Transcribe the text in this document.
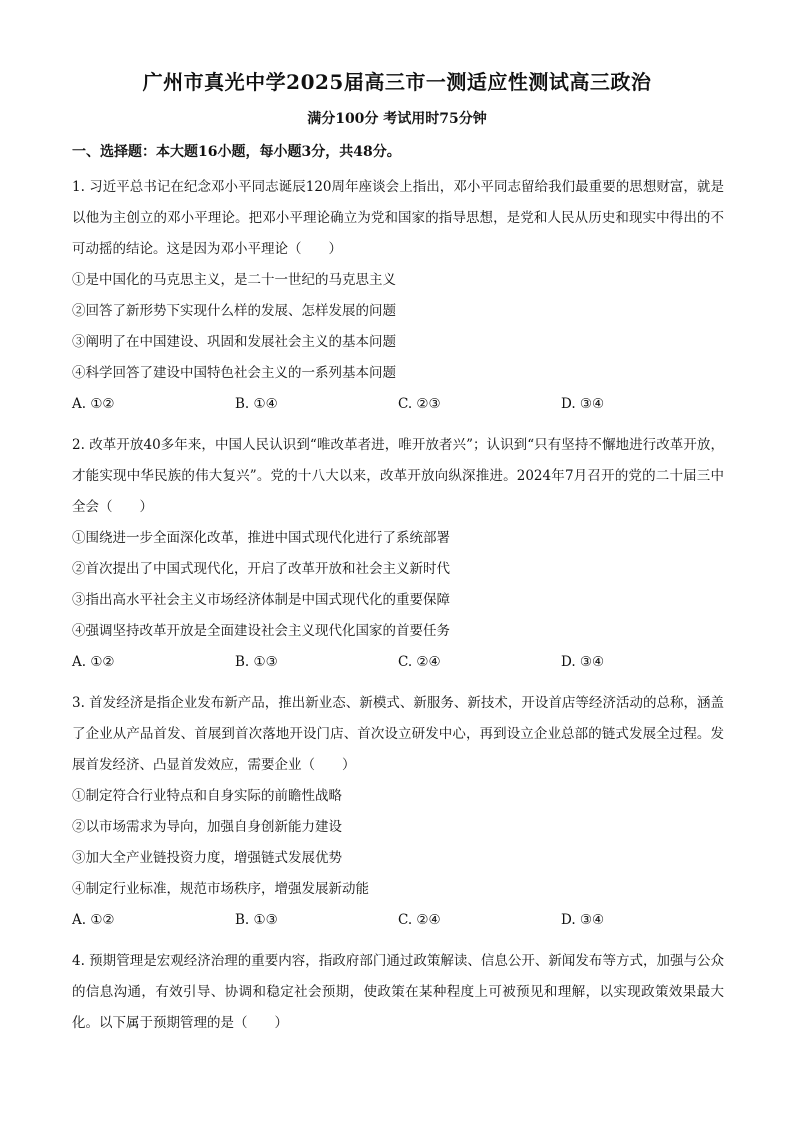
广州市真光中学2025届高三市一测适应性测试高三政治
满分100分 考试用时75分钟
一、选择题：本大题16小题，每小题3分，共48分。

1. 习近平总书记在纪念邓小平同志诞辰120周年座谈会上指出，邓小平同志留给我们最重要的思想财富，就是以他为主创立的邓小平理论。把邓小平理论确立为党和国家的指导思想，是党和人民从历史和现实中得出的不可动摇的结论。这是因为邓小平理论（　　）

①是中国化的马克思主义，是二十一世纪的马克思主义

②回答了新形势下实现什么样的发展、怎样发展的问题

③阐明了在中国建设、巩固和发展社会主义的基本问题

④科学回答了建设中国特色社会主义的一系列基本问题

A. ①②	B. ①④	C. ②③	D. ③④

2. 改革开放40多年来，中国人民认识到“唯改革者进，唯开放者兴”；认识到“只有坚持不懈地进行改革开放，才能实现中华民族的伟大复兴”。党的十八大以来，改革开放向纵深推进。2024年7月召开的党的二十届三中全会（　　）

①围绕进一步全面深化改革，推进中国式现代化进行了系统部署

②首次提出了中国式现代化，开启了改革开放和社会主义新时代

③指出高水平社会主义市场经济体制是中国式现代化的重要保障

④强调坚持改革开放是全面建设社会主义现代化国家的首要任务

A. ①②	B. ①③	C. ②④	D. ③④

3. 首发经济是指企业发布新产品，推出新业态、新模式、新服务、新技术，开设首店等经济活动的总称，涵盖了企业从产品首发、首展到首次落地开设门店、首次设立研发中心，再到设立企业总部的链式发展全过程。发展首发经济、凸显首发效应，需要企业（　　）

①制定符合行业特点和自身实际的前瞻性战略

②以市场需求为导向，加强自身创新能力建设

③加大全产业链投资力度，增强链式发展优势

④制定行业标准，规范市场秩序，增强发展新动能

A. ①②	B. ①③	C. ②④	D. ③④

4. 预期管理是宏观经济治理的重要内容，指政府部门通过政策解读、信息公开、新闻发布等方式，加强与公众的信息沟通，有效引导、协调和稳定社会预期，使政策在某种程度上可被预见和理解，以实现政策效果最大化。以下属于预期管理的是（　　）
